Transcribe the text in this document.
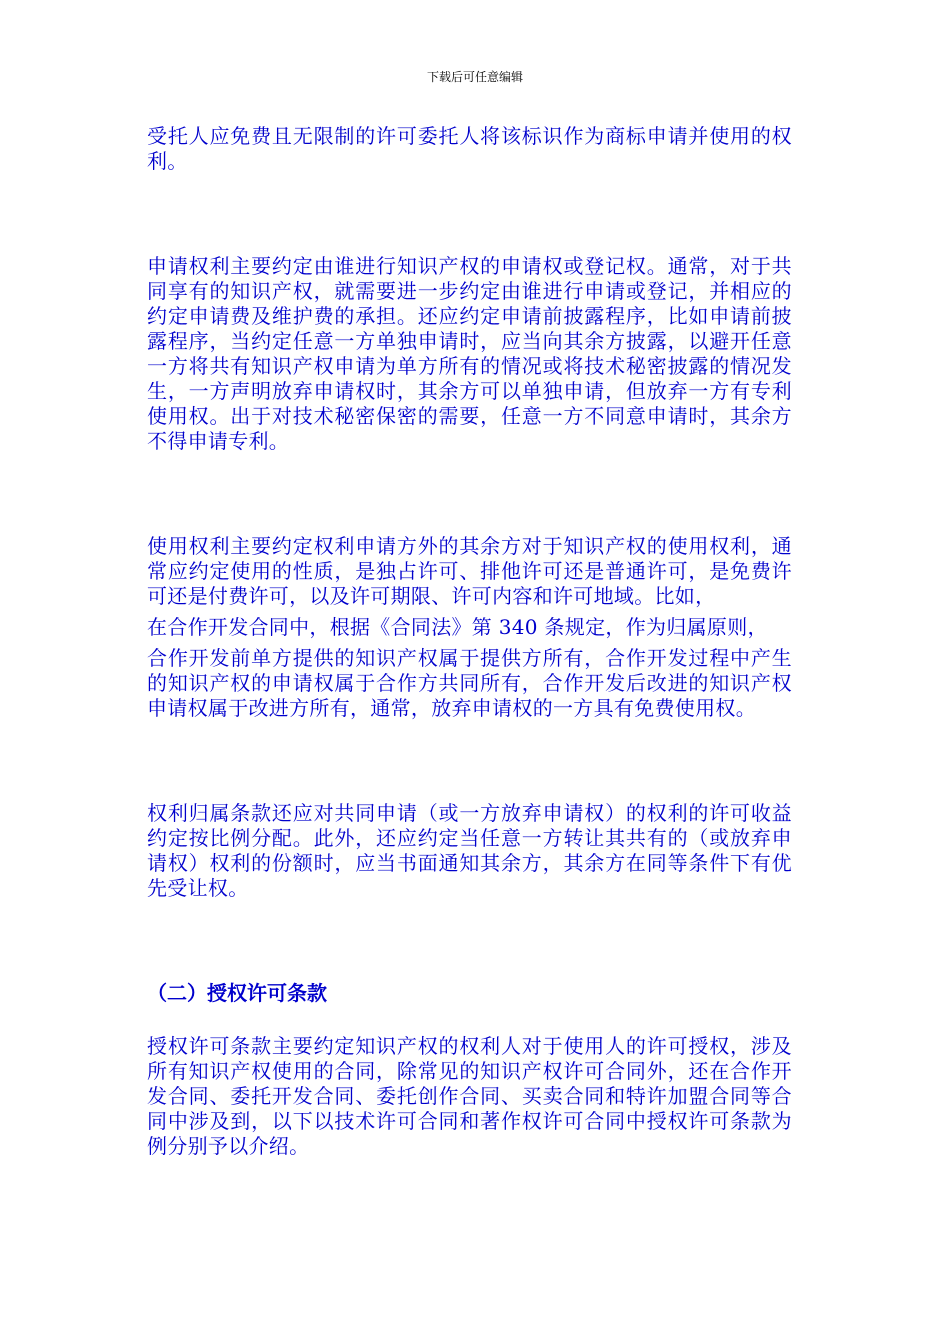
下载后可任意编辑

受托人应免费且无限制的许可委托人将该标识作为商标申请并使用的权利。

申请权利主要约定由谁进行知识产权的申请权或登记权。通常，对于共同享有的知识产权，就需要进一步约定由谁进行申请或登记，并相应的约定申请费及维护费的承担。还应约定申请前披露程序，比如申请前披露程序，当约定任意一方单独申请时，应当向其余方披露，以避开任意一方将共有知识产权申请为单方所有的情况或将技术秘密披露的情况发生，一方声明放弃申请权时，其余方可以单独申请，但放弃一方有专利使用权。出于对技术秘密保密的需要，任意一方不同意申请时，其余方不得申请专利。

使用权利主要约定权利申请方外的其余方对于知识产权的使用权利，通常应约定使用的性质，是独占许可、排他许可还是普通许可，是免费许可还是付费许可，以及许可期限、许可内容和许可地域。比如，

在合作开发合同中，根据《合同法》第 340 条规定，作为归属原则，

合作开发前单方提供的知识产权属于提供方所有，合作开发过程中产生的知识产权的申请权属于合作方共同所有，合作开发后改进的知识产权申请权属于改进方所有，通常，放弃申请权的一方具有免费使用权。

权利归属条款还应对共同申请（或一方放弃申请权）的权利的许可收益约定按比例分配。此外，还应约定当任意一方转让其共有的（或放弃申请权）权利的份额时，应当书面通知其余方，其余方在同等条件下有优先受让权。

（二）授权许可条款

授权许可条款主要约定知识产权的权利人对于使用人的许可授权，涉及所有知识产权使用的合同，除常见的知识产权许可合同外，还在合作开发合同、委托开发合同、委托创作合同、买卖合同和特许加盟合同等合同中涉及到，以下以技术许可合同和著作权许可合同中授权许可条款为例分别予以介绍。
